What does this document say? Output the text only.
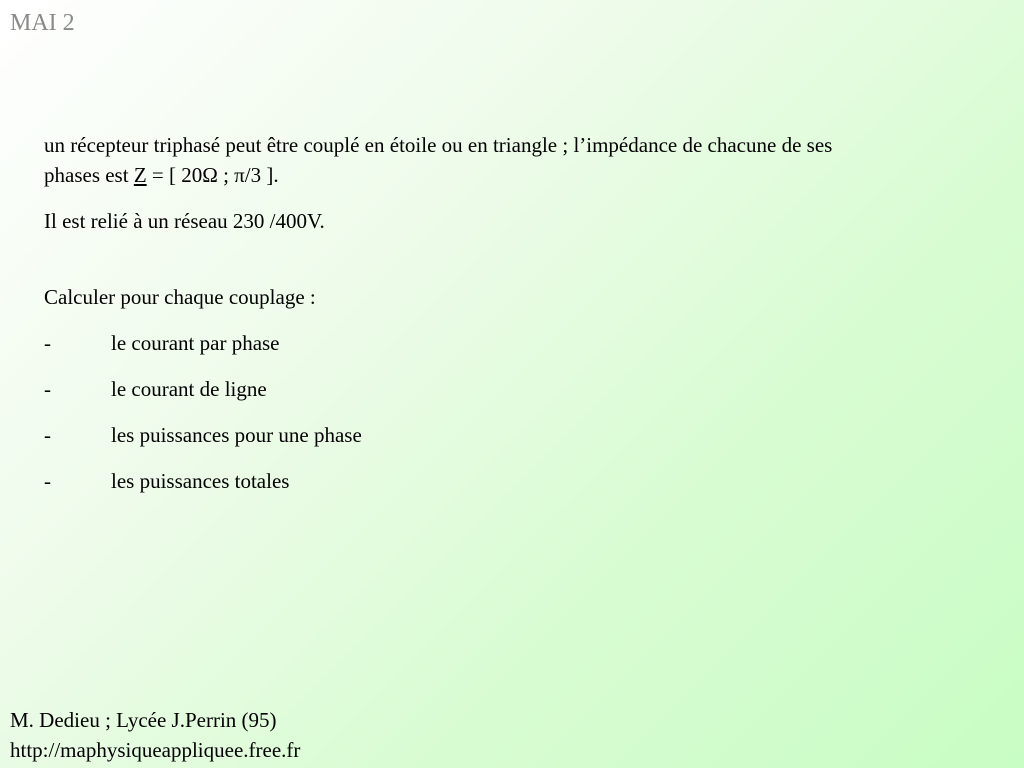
MAI 2

un récepteur triphasé peut être couplé en étoile ou en triangle ; l’impédance de chacune de ses phases est Z = [ 20Ω ; π/3 ].

Il est relié à un réseau 230 /400V.

Calculer pour chaque couplage :

-	le courant par phase
-	le courant de ligne
-	les puissances pour une phase
-	les puissances totales
M. Dedieu ; Lycée J.Perrin (95)
http://maphysiqueappliquee.free.fr
